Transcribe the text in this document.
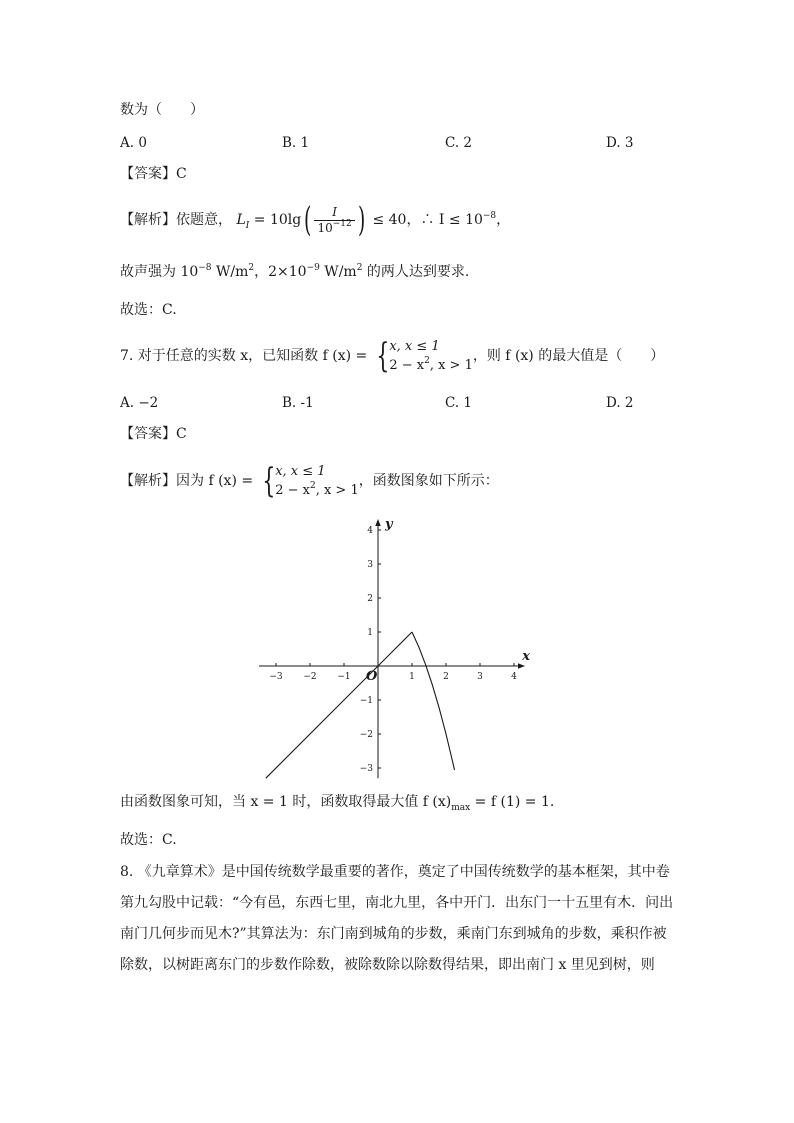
数为（　　）
A. 0	B. 1	C. 2	D. 3
【答案】C
【解析】依题意， $L_I = 10\lg( \frac{I}{10^{-12}}$ ) ≤ 40，∴ $I \le 10^{-8}$，
故声强为 $10^{-8}$ $W/m^2$，$2\times 10^{-9}$ $W/m^2$ 的两人达到要求.
故选：C.
7. 对于任意的实数 x，已知函数 f (x) = { x, x ≤ 1
$2 - x^2$, x > 1
，则 f (x) 的最大值是（　　）
A. −2	B. -1	C. 1	D. 2
【答案】C
【解析】因为 f (x) = { x, x ≤ 1
$2 - x^2$, x > 1
，函数图象如下所示：
−3 −2 −1	1	2	3	4
−3
−2
−1
1
2
3
4
O
x
y
由函数图象可知，当 x = 1 时，函数取得最大值 f $(x)_{max} = f$ (1) = 1.
故选：C.
8. 《九章算术》是中国传统数学最重要的著作，奠定了中国传统数学的基本框架，其中卷第九勾股中记载：“今有邑，东西七里，南北九里，各中开门．出东门一十五里有木．问出南门几何步而见木?”其算法为：东门南到城角的步数，乘南门东到城角的步数，乘积作被除数，以树距离东门的步数作除数，被除数除以除数得结果，即出南门 x 里见到树，则
